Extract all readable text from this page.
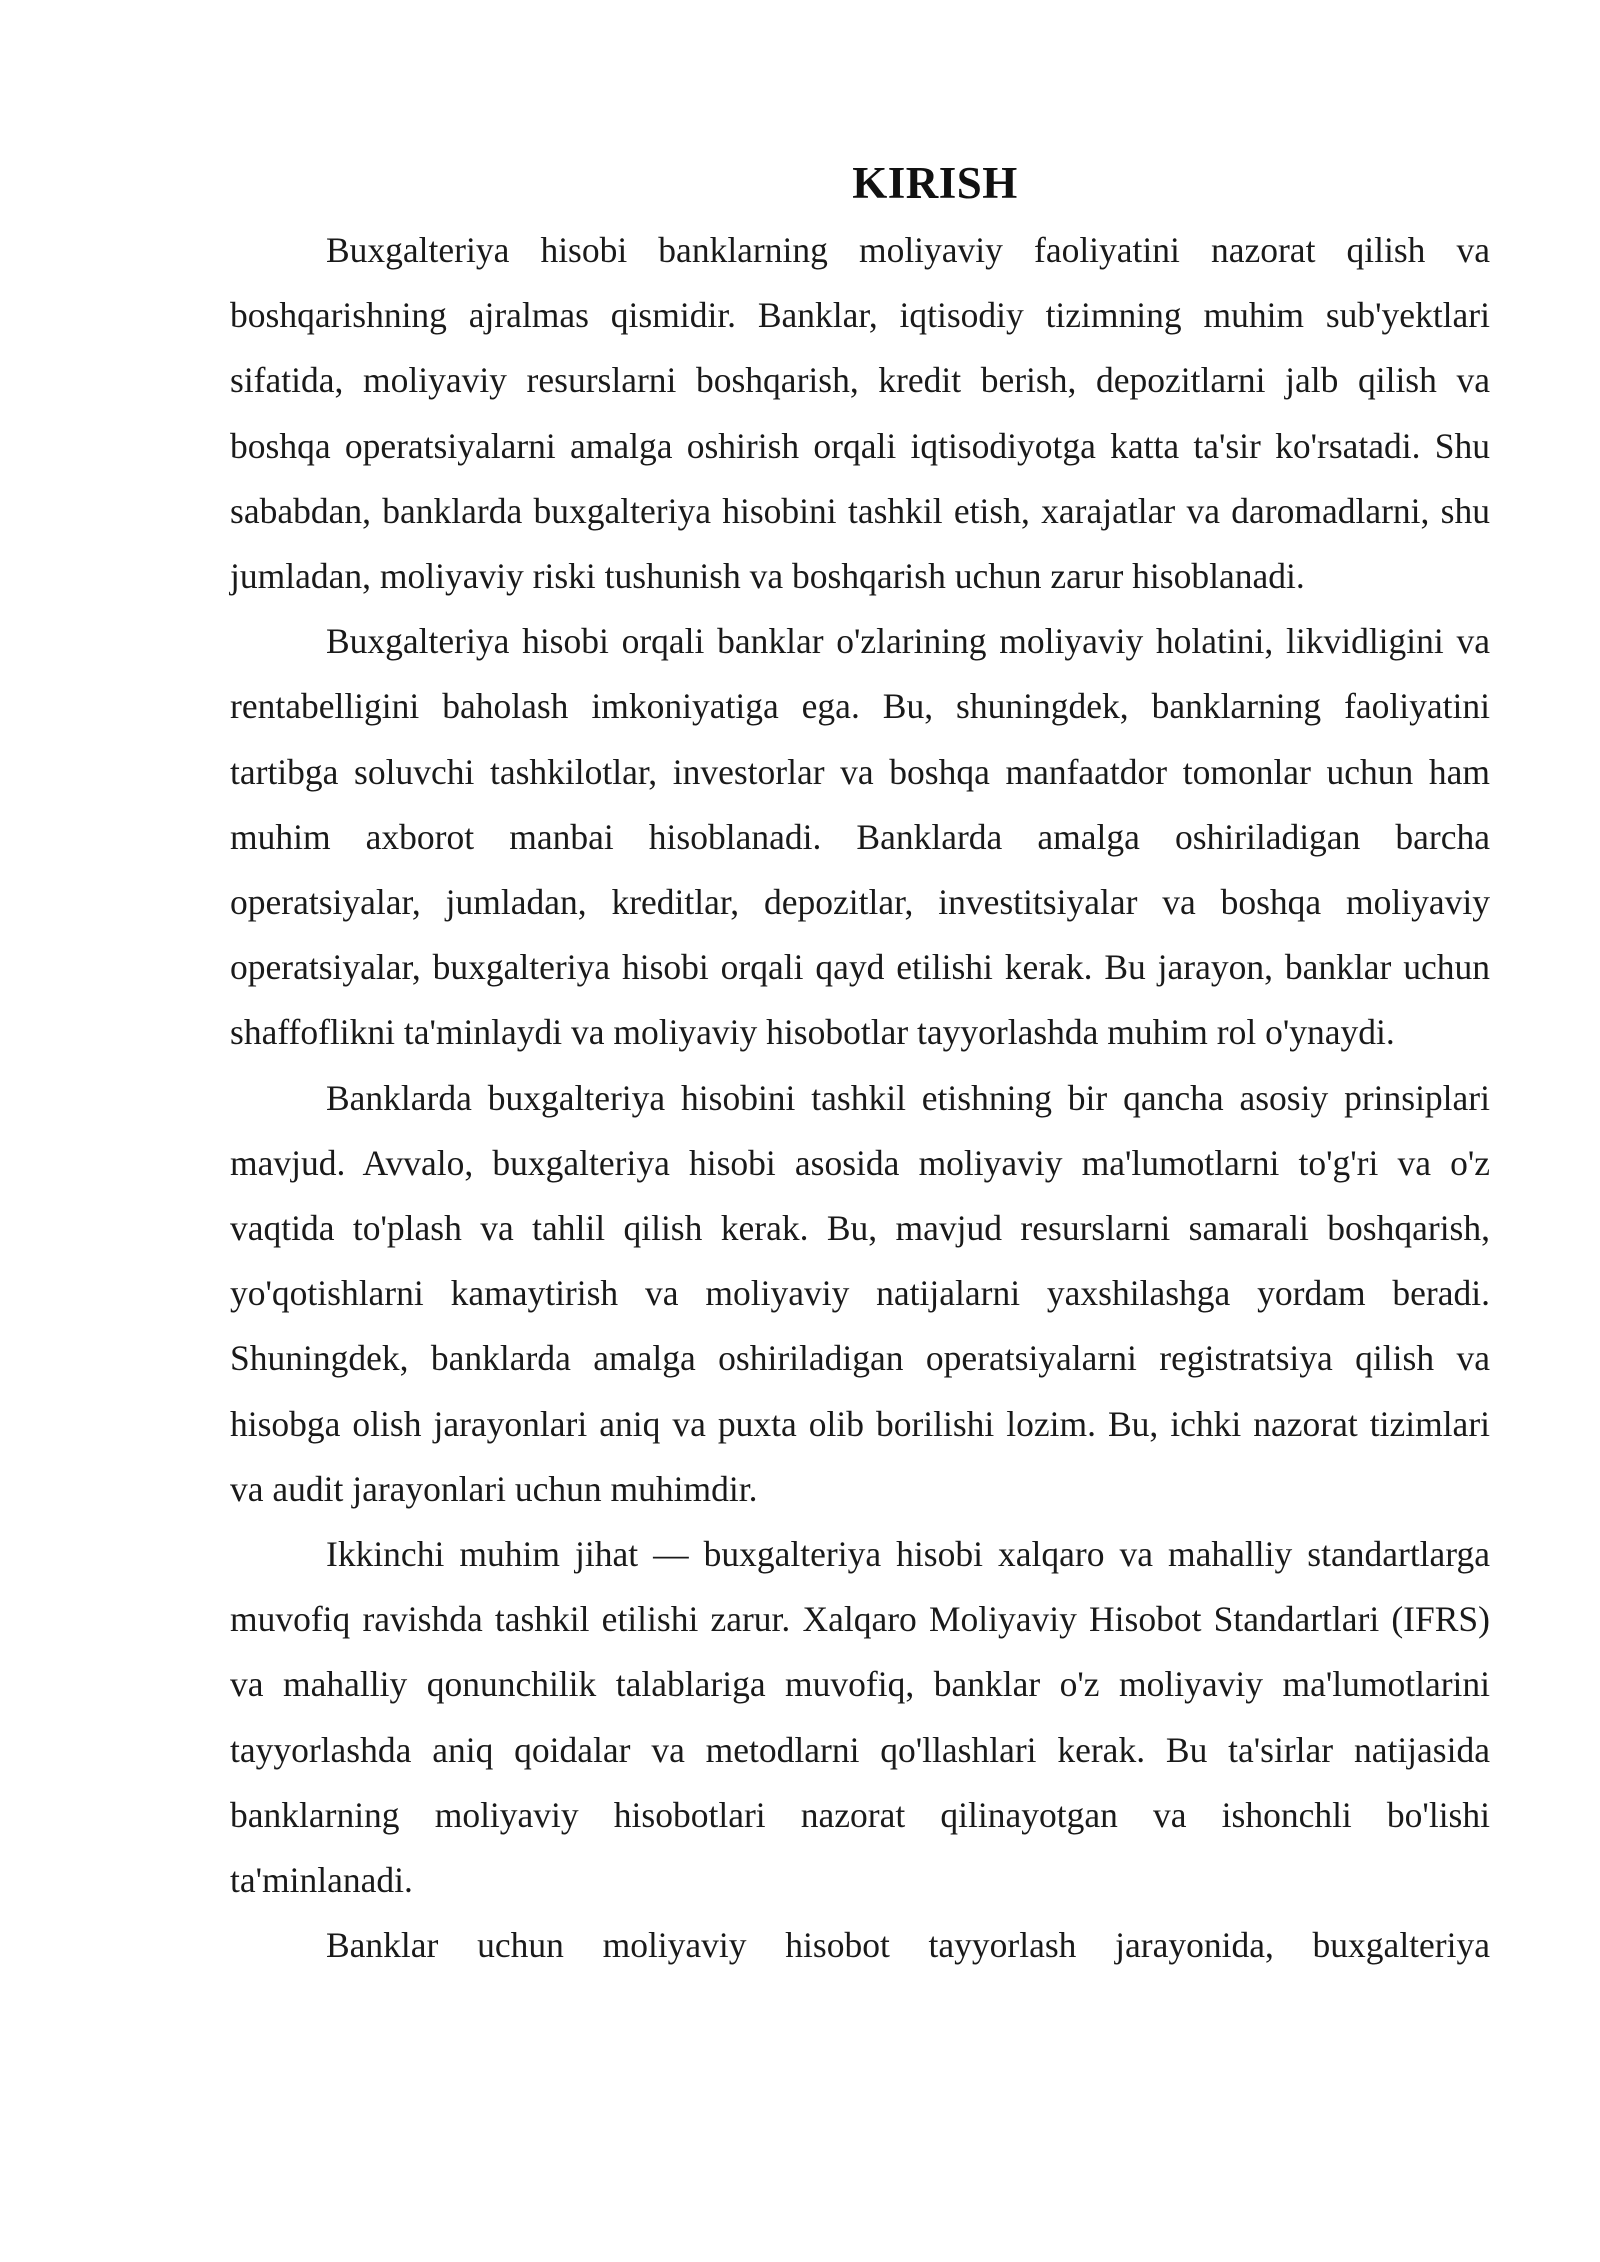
KIRISH

Buxgalteriya hisobi banklarning moliyaviy faoliyatini nazorat qilish va boshqarishning ajralmas qismidir. Banklar, iqtisodiy tizimning muhim sub'yektlari sifatida, moliyaviy resurslarni boshqarish, kredit berish, depozitlarni jalb qilish va boshqa operatsiyalarni amalga oshirish orqali iqtisodiyotga katta ta'sir ko'rsatadi. Shu sababdan, banklarda buxgalteriya hisobini tashkil etish, xarajatlar va daromadlarni, shu jumladan, moliyaviy riski tushunish va boshqarish uchun zarur hisoblanadi.

Buxgalteriya hisobi orqali banklar o'zlarining moliyaviy holatini, likvidligini va rentabelligini baholash imkoniyatiga ega. Bu, shuningdek, banklarning faoliyatini tartibga soluvchi tashkilotlar, investorlar va boshqa manfaatdor tomonlar uchun ham muhim axborot manbai hisoblanadi. Banklarda amalga oshiriladigan barcha operatsiyalar, jumladan, kreditlar, depozitlar, investitsiyalar va boshqa moliyaviy operatsiyalar, buxgalteriya hisobi orqali qayd etilishi kerak. Bu jarayon, banklar uchun shaffoflikni ta'minlaydi va moliyaviy hisobotlar tayyorlashda muhim rol o'ynaydi.

Banklarda buxgalteriya hisobini tashkil etishning bir qancha asosiy prinsiplari mavjud. Avvalo, buxgalteriya hisobi asosida moliyaviy ma'lumotlarni to'g'ri va o'z vaqtida to'plash va tahlil qilish kerak. Bu, mavjud resurslarni samarali boshqarish, yo'qotishlarni kamaytirish va moliyaviy natijalarni yaxshilashga yordam beradi. Shuningdek, banklarda amalga oshiriladigan operatsiyalarni registratsiya qilish va hisobga olish jarayonlari aniq va puxta olib borilishi lozim. Bu, ichki nazorat tizimlari va audit jarayonlari uchun muhimdir.

Ikkinchi muhim jihat — buxgalteriya hisobi xalqaro va mahalliy standartlarga muvofiq ravishda tashkil etilishi zarur. Xalqaro Moliyaviy Hisobot Standartlari (IFRS) va mahalliy qonunchilik talablariga muvofiq, banklar o'z moliyaviy ma'lumotlarini tayyorlashda aniq qoidalar va metodlarni qo'llashlari kerak. Bu ta'sirlar natijasida banklarning moliyaviy hisobotlari nazorat qilinayotgan va ishonchli bo'lishi ta'minlanadi.

Banklar uchun moliyaviy hisobot tayyorlash jarayonida, buxgalteriya
